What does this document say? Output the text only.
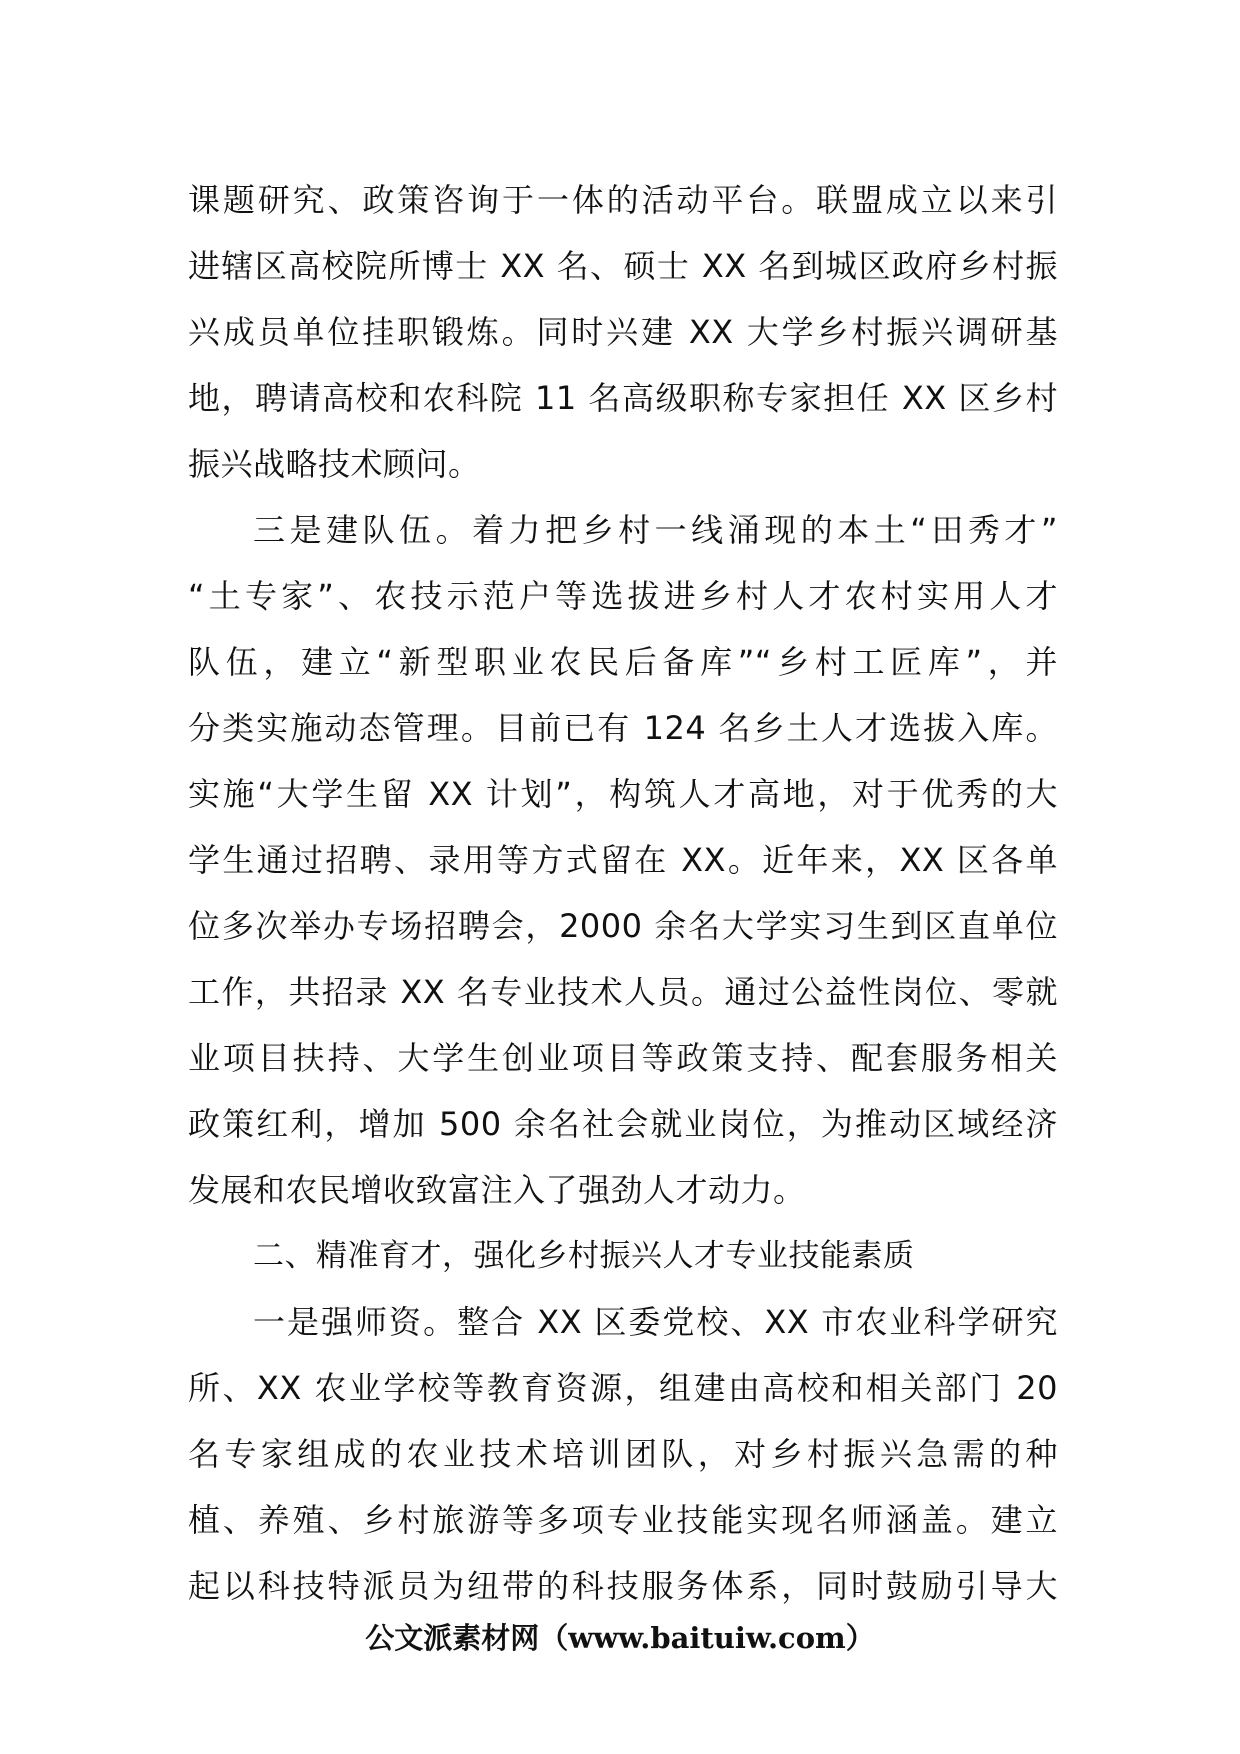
课题研究、政策咨询于一体的活动平台。联盟成立以来引
进辖区高校院所博士 XX 名、硕士 XX 名到城区政府乡村振
兴成员单位挂职锻炼。同时兴建 XX 大学乡村振兴调研基
地，聘请高校和农科院 11 名高级职称专家担任 XX 区乡村
振兴战略技术顾问。
三是建队伍。着力把乡村一线涌现的本土“田秀才”
“土专家”、农技示范户等选拔进乡村人才农村实用人才
队伍，建立“新型职业农民后备库”“乡村工匠库”，并
分类实施动态管理。目前已有 124 名乡土人才选拔入库。
实施“大学生留 XX 计划”，构筑人才高地，对于优秀的大
学生通过招聘、录用等方式留在 XX。近年来，XX 区各单
位多次举办专场招聘会，2000 余名大学实习生到区直单位
工作，共招录 XX 名专业技术人员。通过公益性岗位、零就
业项目扶持、大学生创业项目等政策支持、配套服务相关
政策红利，增加 500 余名社会就业岗位，为推动区域经济
发展和农民增收致富注入了强劲人才动力。
二、精准育才，强化乡村振兴人才专业技能素质
一是强师资。整合 XX 区委党校、XX 市农业科学研究
所、XX 农业学校等教育资源，组建由高校和相关部门 20
名专家组成的农业技术培训团队，对乡村振兴急需的种
植、养殖、乡村旅游等多项专业技能实现名师涵盖。建立
起以科技特派员为纽带的科技服务体系，同时鼓励引导大
公文派素材网（www.baituiw.com）
